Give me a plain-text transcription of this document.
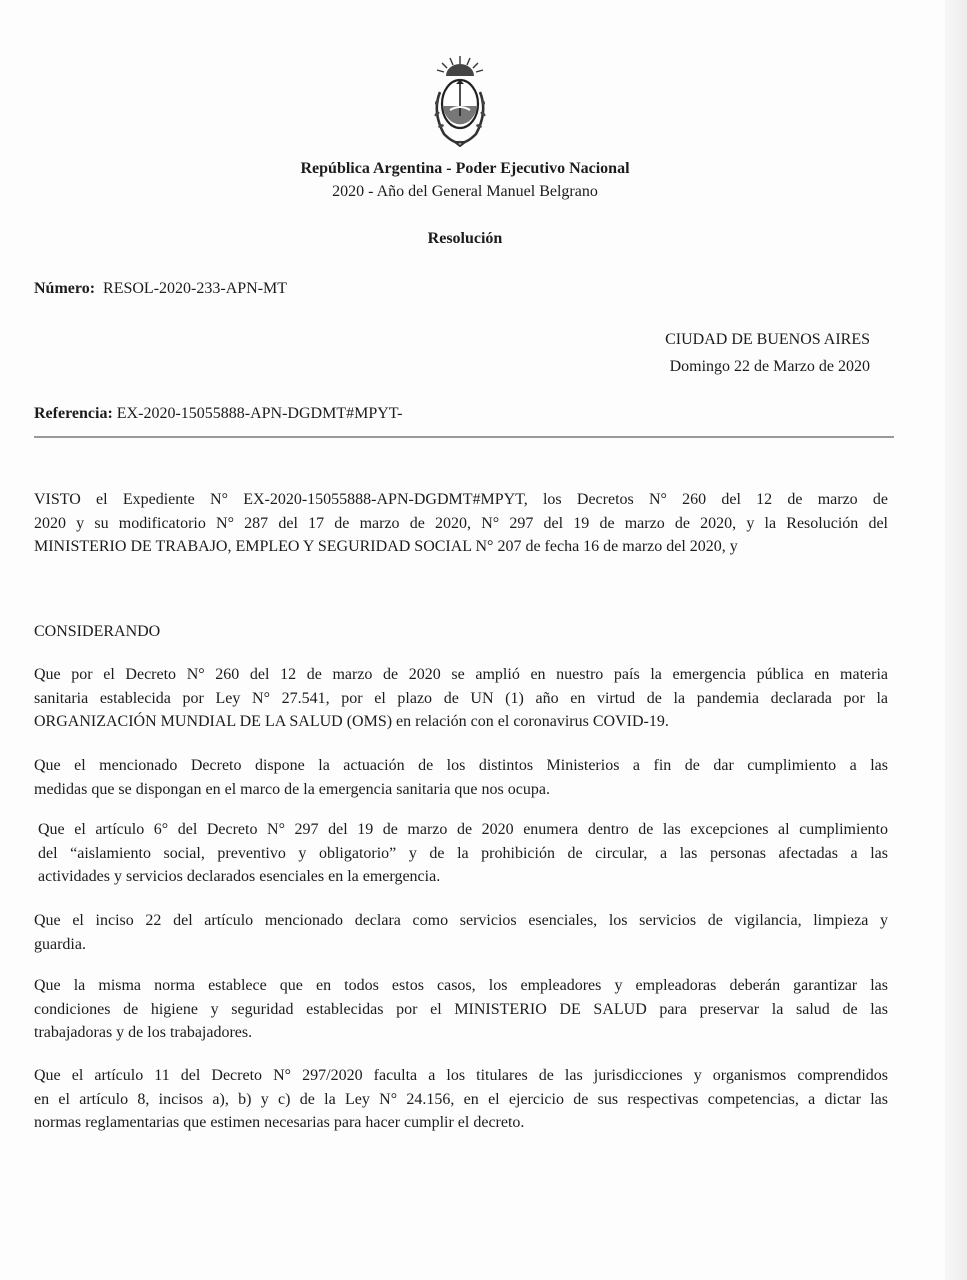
República Argentina - Poder Ejecutivo Nacional
2020 - Año del General Manuel Belgrano
Resolución
Número: RESOL-2020-233-APN-MT
CIUDAD DE BUENOS AIRES
Domingo 22 de Marzo de 2020
Referencia: EX-2020-15055888-APN-DGDMT#MPYT-
VISTO el Expediente N° EX-2020-15055888-APN-DGDMT#MPYT, los Decretos N° 260 del 12 de marzo de
2020 y su modificatorio N° 287 del 17 de marzo de 2020, N° 297 del 19 de marzo de 2020, y la Resolución del
MINISTERIO DE TRABAJO, EMPLEO Y SEGURIDAD SOCIAL N° 207 de fecha 16 de marzo del 2020, y
CONSIDERANDO
Que por el Decreto N° 260 del 12 de marzo de 2020 se amplió en nuestro país la emergencia pública en materia
sanitaria establecida por Ley N° 27.541, por el plazo de UN (1) año en virtud de la pandemia declarada por la
ORGANIZACIÓN MUNDIAL DE LA SALUD (OMS) en relación con el coronavirus COVID-19.
Que el mencionado Decreto dispone la actuación de los distintos Ministerios a fin de dar cumplimiento a las
medidas que se dispongan en el marco de la emergencia sanitaria que nos ocupa.
Que el artículo 6° del Decreto N° 297 del 19 de marzo de 2020 enumera dentro de las excepciones al cumplimiento
del “aislamiento social, preventivo y obligatorio” y de la prohibición de circular, a las personas afectadas a las
actividades y servicios declarados esenciales en la emergencia.
Que el inciso 22 del artículo mencionado declara como servicios esenciales, los servicios de vigilancia, limpieza y
guardia.
Que la misma norma establece que en todos estos casos, los empleadores y empleadoras deberán garantizar las
condiciones de higiene y seguridad establecidas por el MINISTERIO DE SALUD para preservar la salud de las
trabajadoras y de los trabajadores.
Que el artículo 11 del Decreto N° 297/2020 faculta a los titulares de las jurisdicciones y organismos comprendidos
en el artículo 8, incisos a), b) y c) de la Ley N° 24.156, en el ejercicio de sus respectivas competencias, a dictar las
normas reglamentarias que estimen necesarias para hacer cumplir el decreto.
